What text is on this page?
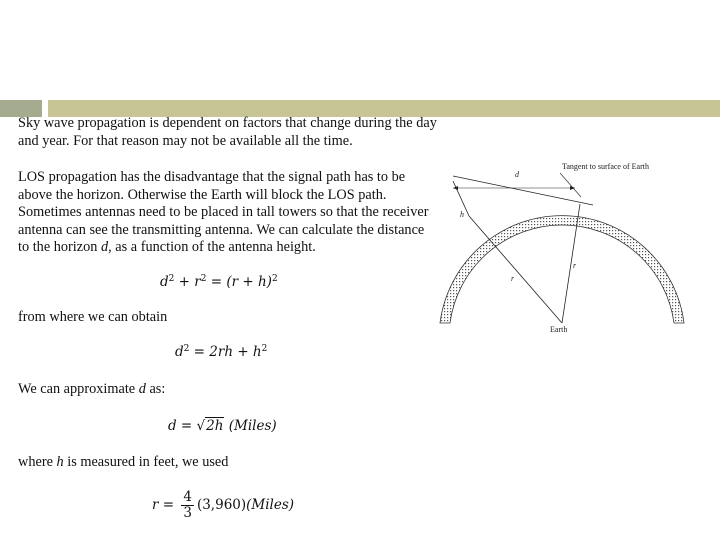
Sky wave propagation is dependent on factors that change during the day and year. For that reason may not be available all the time.

LOS propagation has the disadvantage that the signal path has to be above the horizon. Otherwise the Earth will block the LOS path. Sometimes antennas need to be placed in tall towers so that the receiver antenna can see the transmitting antenna. We can calculate the distance to the horizon d, as a function of the antenna height.

$d^2 + r^2 = (r + h)^2$

from where we can obtain

$d^2 = 2rh + h^2$

We can approximate d as:

d = √2h (Miles)

where h is measured in feet, we used

$r = \frac{4}{3}$ (3,960)(Miles)
Tangent to surface of Earth
d
h
r
r
Earth
